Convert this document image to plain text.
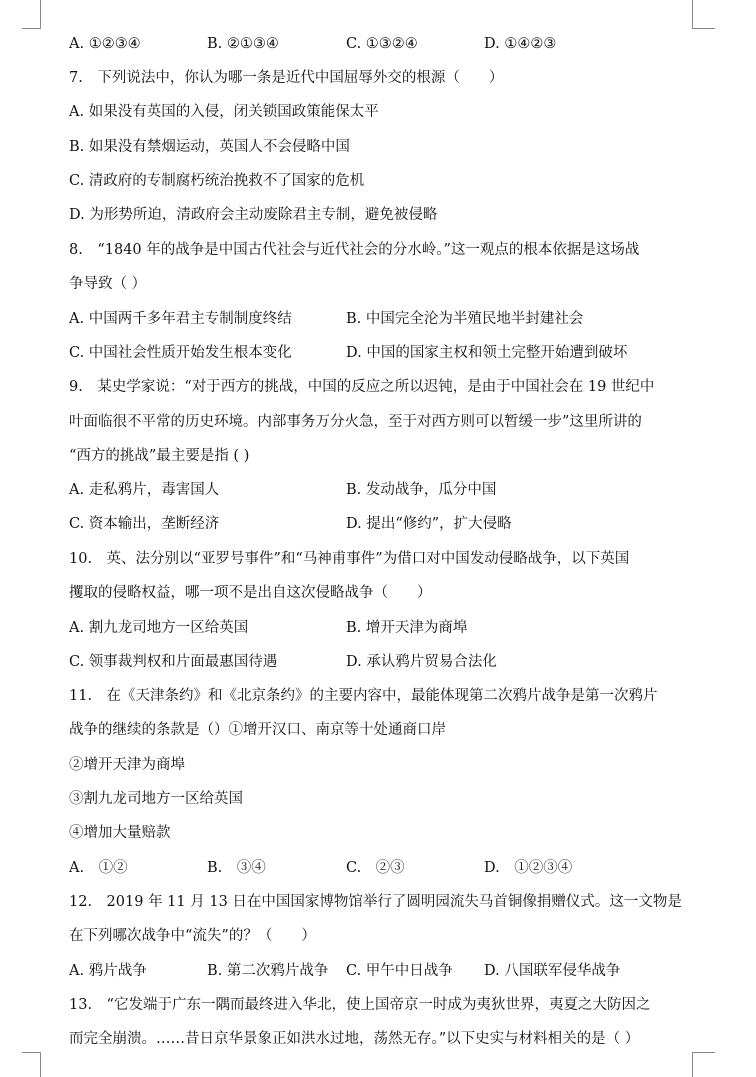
A. ①②③④	B. ②①③④	C. ①③②④	D. ①④②③
7.　下列说法中，你认为哪一条是近代中国屈辱外交的根源（　　）
A. 如果没有英国的入侵，闭关锁国政策能保太平
B. 如果没有禁烟运动，英国人不会侵略中国
C. 清政府的专制腐朽统治挽救不了国家的危机
D. 为形势所迫，清政府会主动废除君主专制，避免被侵略
8.　“1840 年的战争是中国古代社会与近代社会的分水岭。”这一观点的根本依据是这场战
争导致（ ）
A. 中国两千多年君主专制制度终结	B. 中国完全沦为半殖民地半封建社会
C. 中国社会性质开始发生根本变化	D. 中国的国家主权和领土完整开始遭到破坏
9.　某史学家说：“对于西方的挑战，中国的反应之所以迟钝，是由于中国社会在 19 世纪中
叶面临很不平常的历史环境。内部事务万分火急，至于对西方则可以暂缓一步”这里所讲的
“西方的挑战”最主要是指 ( )
A. 走私鸦片，毒害国人	B. 发动战争，瓜分中国
C. 资本输出，垄断经济	D. 提出“修约”，扩大侵略
10.　英、法分别以“亚罗号事件”和“马神甫事件”为借口对中国发动侵略战争，以下英国
攫取的侵略权益，哪一项不是出自这次侵略战争（　　）
A. 割九龙司地方一区给英国	B. 增开天津为商埠
C. 领事裁判权和片面最惠国待遇	D. 承认鸦片贸易合法化
11.　在《天津条约》和《北京条约》的主要内容中，最能体现第二次鸦片战争是第一次鸦片
战争的继续的条款是（）①增开汉口、南京等十处通商口岸
②增开天津为商埠
③割九龙司地方一区给英国
④增加大量赔款
A.　①②	B.　③④	C.　②③	D.　①②③④
12.　2019 年 11 月 13 日在中国国家博物馆举行了圆明园流失马首铜像捐赠仪式。这一文物是
在下列哪次战争中“流失”的？（　　）
A. 鸦片战争	B. 第二次鸦片战争 C. 甲午中日战争 D. 八国联军侵华战争
13.　“它发端于广东一隅而最终进入华北，使上国帝京一时成为夷狄世界，夷夏之大防因之
而完全崩溃。……昔日京华景象正如洪水过地，荡然无存。”以下史实与材料相关的是（ ）
